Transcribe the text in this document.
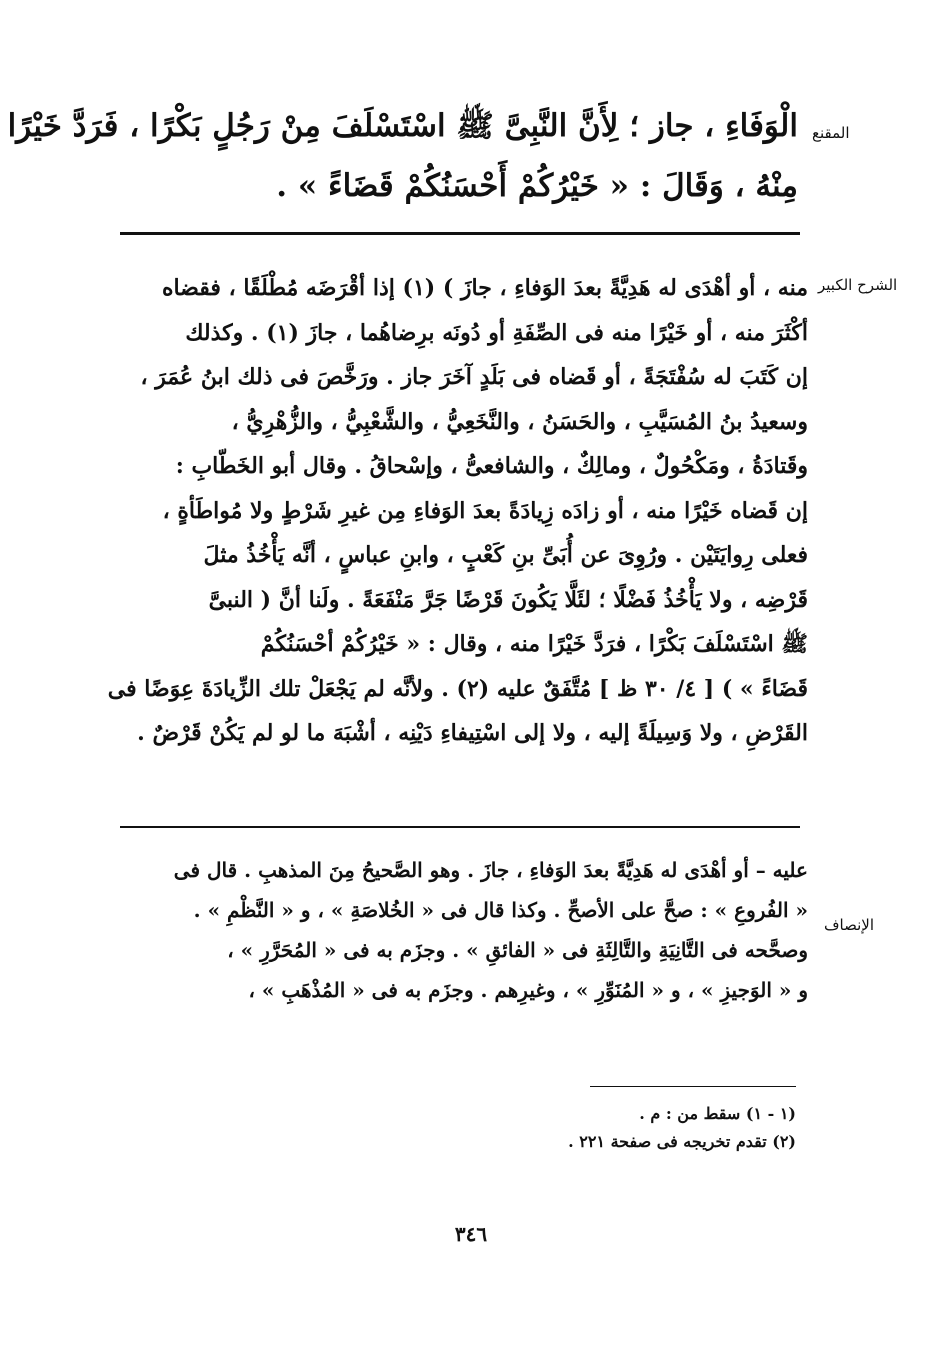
المقنع
الْوَفَاءِ ، جاز ؛ لِأَنَّ النَّبِىَّ ﷺ اسْتَسْلَفَ مِنْ رَجُلٍ بَكْرًا ، فَرَدَّ خَيْرًا
مِنْهُ ، وَقَالَ : « خَيْرُكُمْ أَحْسَنُكُمْ قَضَاءً » .
الشرح الكبير
منه ، أو أهْدَى له هَدِيَّةً بعدَ الوَفاءِ ، جازَ ) (١) إذا أقْرَضَه مُطْلَقًا ، فقضاه
أكْثَرَ منه ، أو خَيْرًا منه فى الصِّفَةِ أو دُونَه برِضاهُما ، جازَ (١) . وكذلك
إن كَتَبَ له سُفْتَجَةً ، أو قَضاه فى بَلَدٍ آخَرَ جاز . ورَخَّصَ فى ذلك ابنُ عُمَرَ ،
وسعيدُ بنُ المُسَيَّبِ ، والحَسَنُ ، والنَّخَعِيُّ ، والشَّعْبِيُّ ، والزُّهْرِيُّ ،
وقَتادَةُ ، ومَكْحُولٌ ، ومالِكٌ ، والشافعىُّ ، وإسْحاقُ . وقال أبو الخَطّابِ :
إن قَضاه خَيْرًا منه ، أو زادَه زِيادَةً بعدَ الوَفاءِ مِن غيرِ شَرْطٍ ولا مُواطَأةٍ ،
فعلى رِوايَتَيْن . ورُوِىَ عن أُبَىِّ بنِ كَعْبٍ ، وابنِ عباسٍ ، أنَّه يَأْخُذُ مثلَ
قَرْضِه ، ولا يَأْخُذُ فَضْلًا ؛ لئَلَّا يَكُونَ قَرْضًا جَرَّ مَنْفَعَةً . ولَنا أنَّ ( النبىَّ
ﷺ اسْتَسْلَفَ بَكْرًا ، فرَدَّ خَيْرًا منه ، وقال : « خَيْرُكُمْ أحْسَنُكُمْ
قَضَاءً » ) [ ٤/ ٣٠ ظ ] مُتَّفَقٌ عليه (٢) . ولأنَّه لم يَجْعَلْ تلك الزِّيادَةَ عِوَضًا فى
القَرْضِ ، ولا وَسِيلَةً إليه ، ولا إلى اسْتِيفاءِ دَيْنِه ، أشْبَهَ ما لو لم يَكُنْ قَرْضٌ .
الإنصاف
عليه – أو أهْدَى له هَدِيَّةً بعدَ الوَفاءِ ، جازَ . وهو الصَّحيحُ مِنَ المذهبِ . قال فى
« الفُروعِ » : صحَّ على الأصحِّ . وكذا قال فى « الخُلاصَةِ » ، و « النَّظْمِ » .
وصحَّحه فى التَّانِيَةِ والتَّالِثَةِ فى « الفائقِ » . وجزَم به فى « المُحَرَّرِ » ،
و « الوَجيزِ » ، و « المُنَوِّرِ » ، وغيرِهم . وجزَم به فى « المُذْهَبِ » ،
(١ - ١) سقط من : م .
(٢) تقدم تخريجه فى صفحة ٢٢١ .
٣٤٦
